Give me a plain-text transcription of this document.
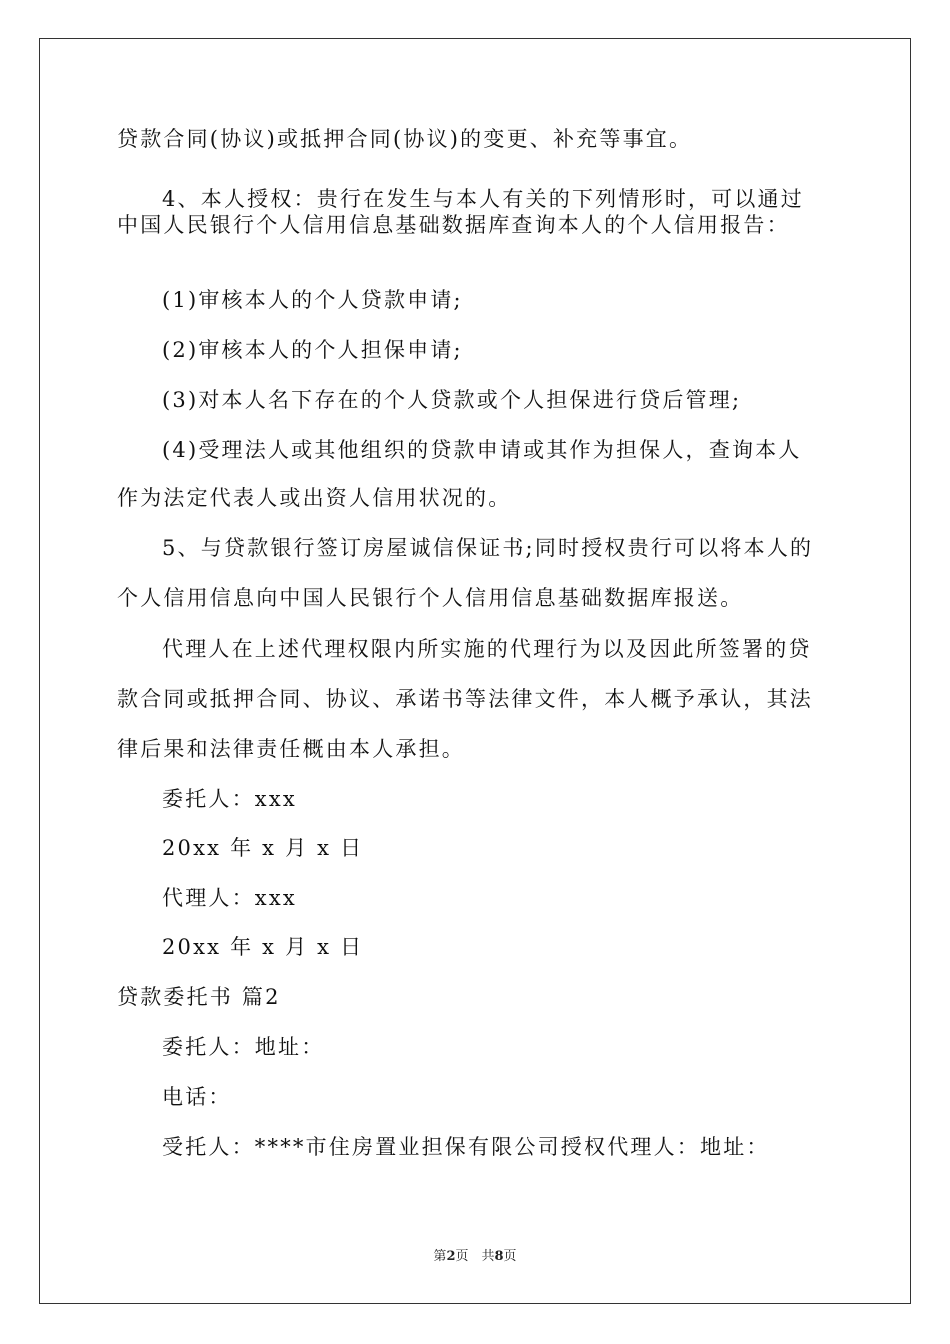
贷款合同(协议)或抵押合同(协议)的变更、补充等事宜。
4、本人授权：贵行在发生与本人有关的下列情形时，可以通过
中国人民银行个人信用信息基础数据库查询本人的个人信用报告：
(1)审核本人的个人贷款申请;
(2)审核本人的个人担保申请;
(3)对本人名下存在的个人贷款或个人担保进行贷后管理;
(4)受理法人或其他组织的贷款申请或其作为担保人，查询本人
作为法定代表人或出资人信用状况的。
5、与贷款银行签订房屋诚信保证书;同时授权贵行可以将本人的
个人信用信息向中国人民银行个人信用信息基础数据库报送。
代理人在上述代理权限内所实施的代理行为以及因此所签署的贷
款合同或抵押合同、协议、承诺书等法律文件，本人概予承认，其法
律后果和法律责任概由本人承担。
委托人：xxx
20xx 年 x 月 x 日
代理人：xxx
20xx 年 x 月 x 日
贷款委托书 篇2
委托人：地址：
电话：
受托人：****市住房置业担保有限公司授权代理人：地址：
第2页　共8页
